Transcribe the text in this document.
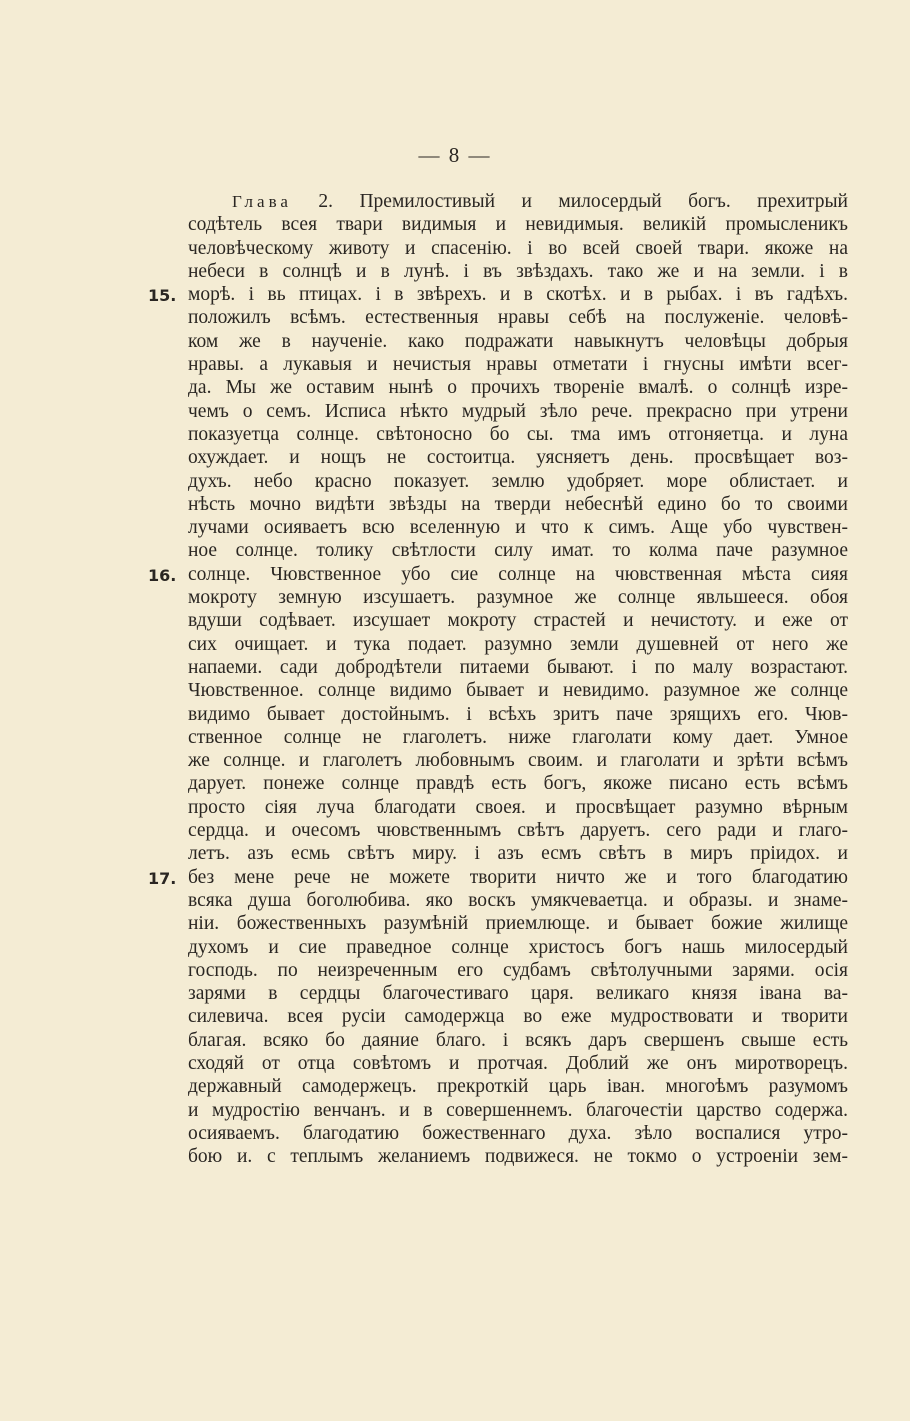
— 8 —
15.
16.
17.
Глава 2. Премилостивый и милосердый богъ. прехитрый
содѣтель всея твари видимыя и невидимыя. великій промысленикъ
человѣческому животу и спасенію. і во всей своей твари. якоже на
небеси в солнцѣ и в лунѣ. і въ звѣздахъ. тако же и на земли. і в
морѣ. і вь птицах. і в звѣрехъ. и в скотѣх. и в рыбах. і въ гадѣхъ.
положилъ всѣмъ. естественныя нравы себѣ на послуженіе. человѣ-
ком же в наученіе. како подражати навыкнутъ человѣцы добрыя
нравы. а лукавыя и нечистыя нравы отметати і гнусны имѣти всег-
да. Мы же оставим нынѣ о прочихъ твореніе вмалѣ. о солнцѣ изре-
чемъ о семъ. Исписа нѣкто мудрый зѣло рече. прекрасно при утрени
показуетца солнце. свѣтоносно бо сы. тма имъ отгоняетца. и луна
охуждает. и нощъ не состоитца. уясняетъ день. просвѣщает воз-
духъ. небо красно показует. землю удобряет. море облистает. и
нѣсть мочно видѣти звѣзды на тверди небеснѣй едино бо то своими
лучами осияваетъ всю вселенную и что к симъ. Аще убо чувствен-
ное солнце. толику свѣтлости силу имат. то колма паче разумное
солнце. Чювственное убо сие солнце на чювственная мѣста сияя
мокроту земную изсушаетъ. разумное же солнце явльшееся. обоя
вдуши содѣвает. изсушает мокроту страстей и нечистоту. и еже от
сих очищает. и тука подает. разумно земли душевней от него же
напаеми. сади добродѣтели питаеми бывают. і по малу возрастают.
Чювственное. солнце видимо бывает и невидимо. разумное же солнце
видимо бывает достойнымъ. і всѣхъ зритъ паче зрящихъ его. Чюв-
ственное солнце не глаголетъ. ниже глаголати кому дает. Умное
же солнце. и глаголетъ любовнымъ своим. и глаголати и зрѣти всѣмъ
дарует. понеже солнце правдѣ есть богъ, якоже писано есть всѣмъ
просто сіяя луча благодати своея. и просвѣщает разумно вѣрным
сердца. и очесомъ чювственнымъ свѣтъ даруетъ. сего ради и глаго-
летъ. азъ есмь свѣтъ миру. і азъ есмъ свѣтъ в миръ пріидох. и
без мене рече не можете творити ничто же и того благодатию
всяка душа боголюбива. яко воскъ умякчеваетца. и образы. и знаме-
ніи. божественныхъ разумѣній приемлюще. и бывает божие жилище
духомъ и сие праведное солнце христосъ богъ нашь милосердый
господь. по неизреченным его судбамъ свѣтолучными зарями. осія
зарями в сердцы благочестиваго царя. великаго князя івана ва-
силевича. всея русіи самодержца во еже мудроствовати и творити
благая. всяко бо даяние благо. і всякъ даръ свершенъ свыше есть
сходяй от отца совѣтомъ и протчая. Доблий же онъ миротворецъ.
державный самодержецъ. прекроткій царь іван. многоѣмъ разумомъ
и мудростію венчанъ. и в совершеннемъ. благочестіи царство содержа.
осияваемъ. благодатию божественнаго духа. зѣло воспалися утро-
бою и. с теплымъ желаниемъ подвижеся. не токмо о устроеніи зем-
